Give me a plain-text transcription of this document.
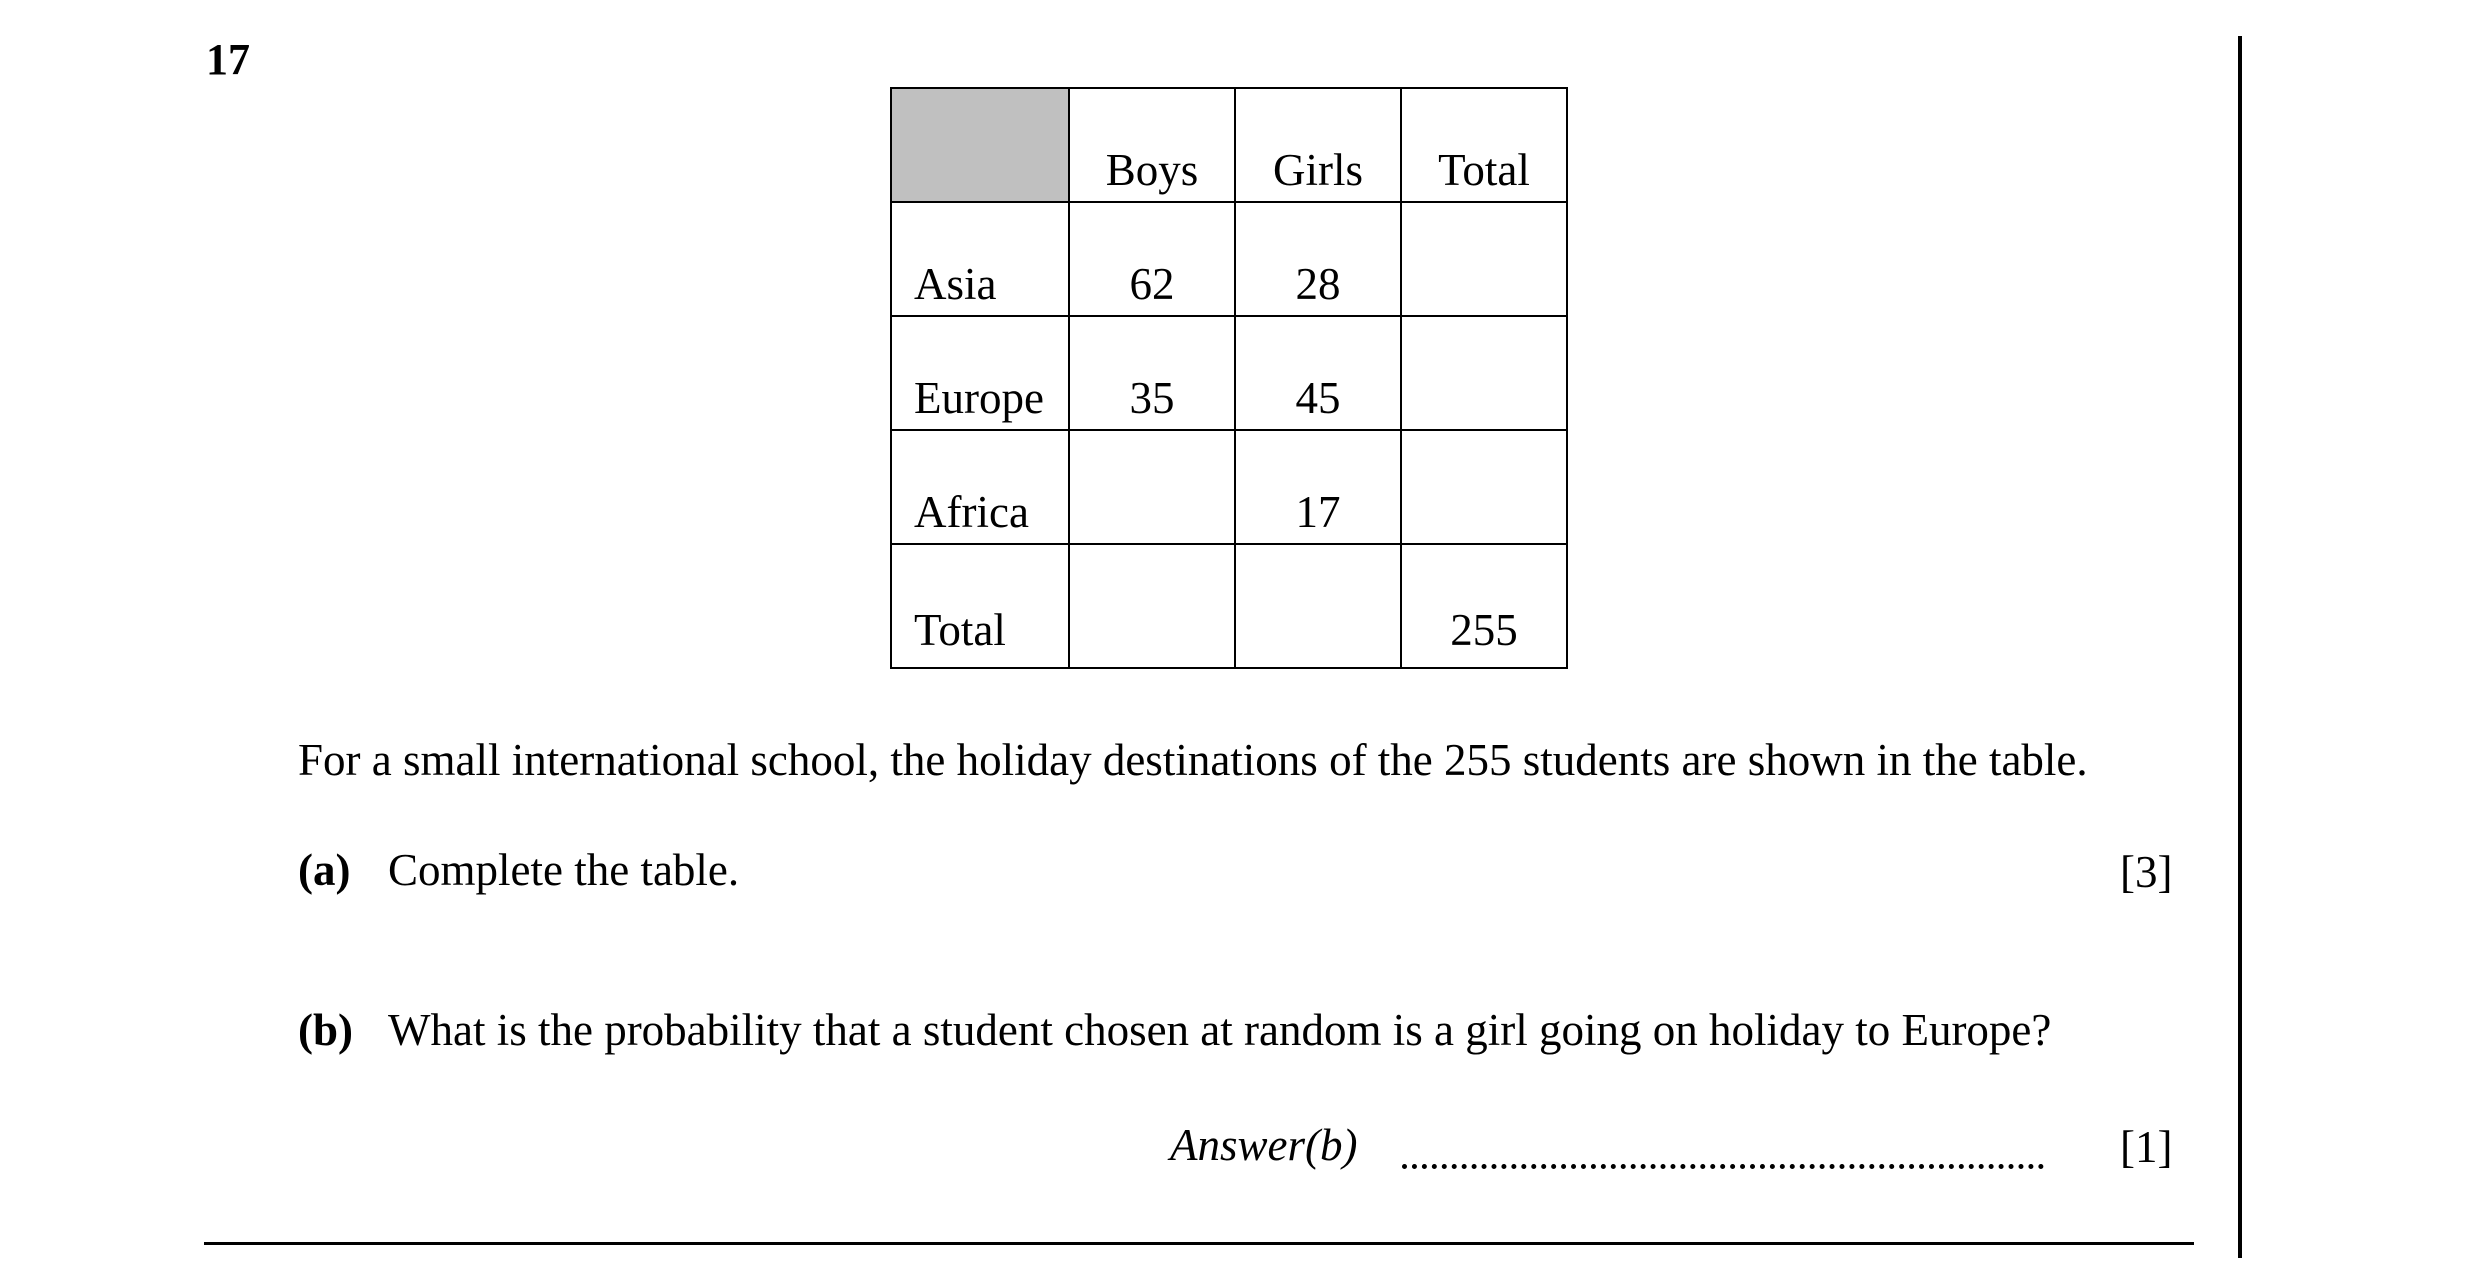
17
	Boys	Girls	Total
Asia	62	28	
Europe	35	45	
Africa		17	
Total			255
For a small international school, the holiday destinations of the 255 students are shown in the table.
(a) Complete the table.	[3]
(b) What is the probability that a student chosen at random is a girl going on holiday to Europe?
Answer(b)	[1]
